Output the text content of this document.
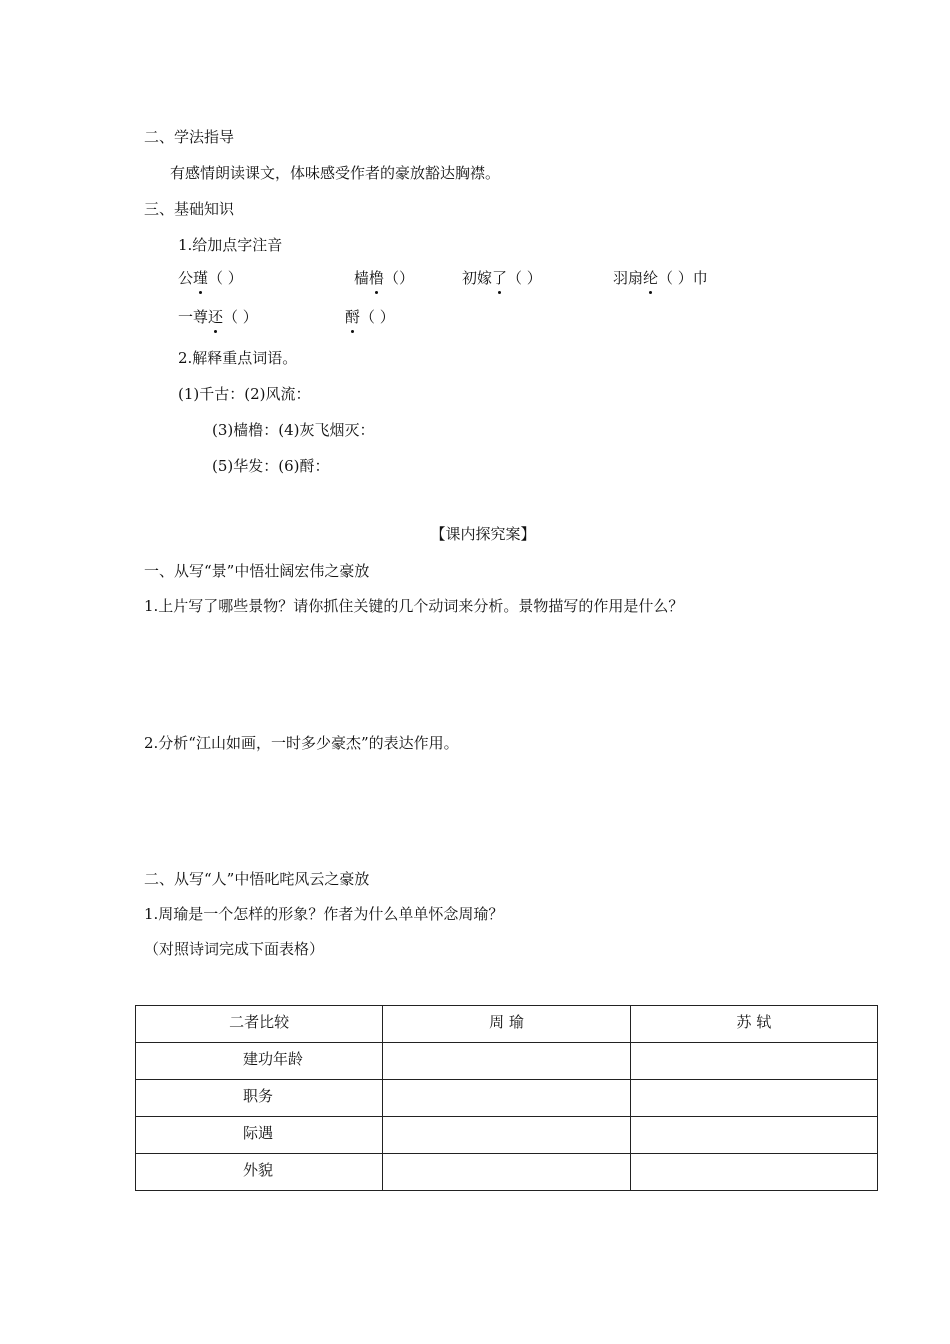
二、学法指导
有感情朗读课文，体味感受作者的豪放豁达胸襟。
三、基础知识
1.给加点字注音
公瑾（ ）	樯橹（）	初嫁了（ ）	羽扇纶（ ）巾
一尊还（ ）	酹（ ）
2.解释重点词语。
(1)千古：(2)风流：
(3)樯橹：(4)灰飞烟灭：
(5)华发：(6)酹：
【课内探究案】
一、从写“景”中悟壮阔宏伟之豪放
1.上片写了哪些景物？请你抓住关键的几个动词来分析。景物描写的作用是什么？
2.分析“江山如画，一时多少豪杰”的表达作用。
二、从写“人”中悟叱咤风云之豪放
1.周瑜是一个怎样的形象？作者为什么单单怀念周瑜？
（对照诗词完成下面表格）
二者比较	周 瑜	苏 轼
建功年龄		
职务		
际遇		
外貌		
